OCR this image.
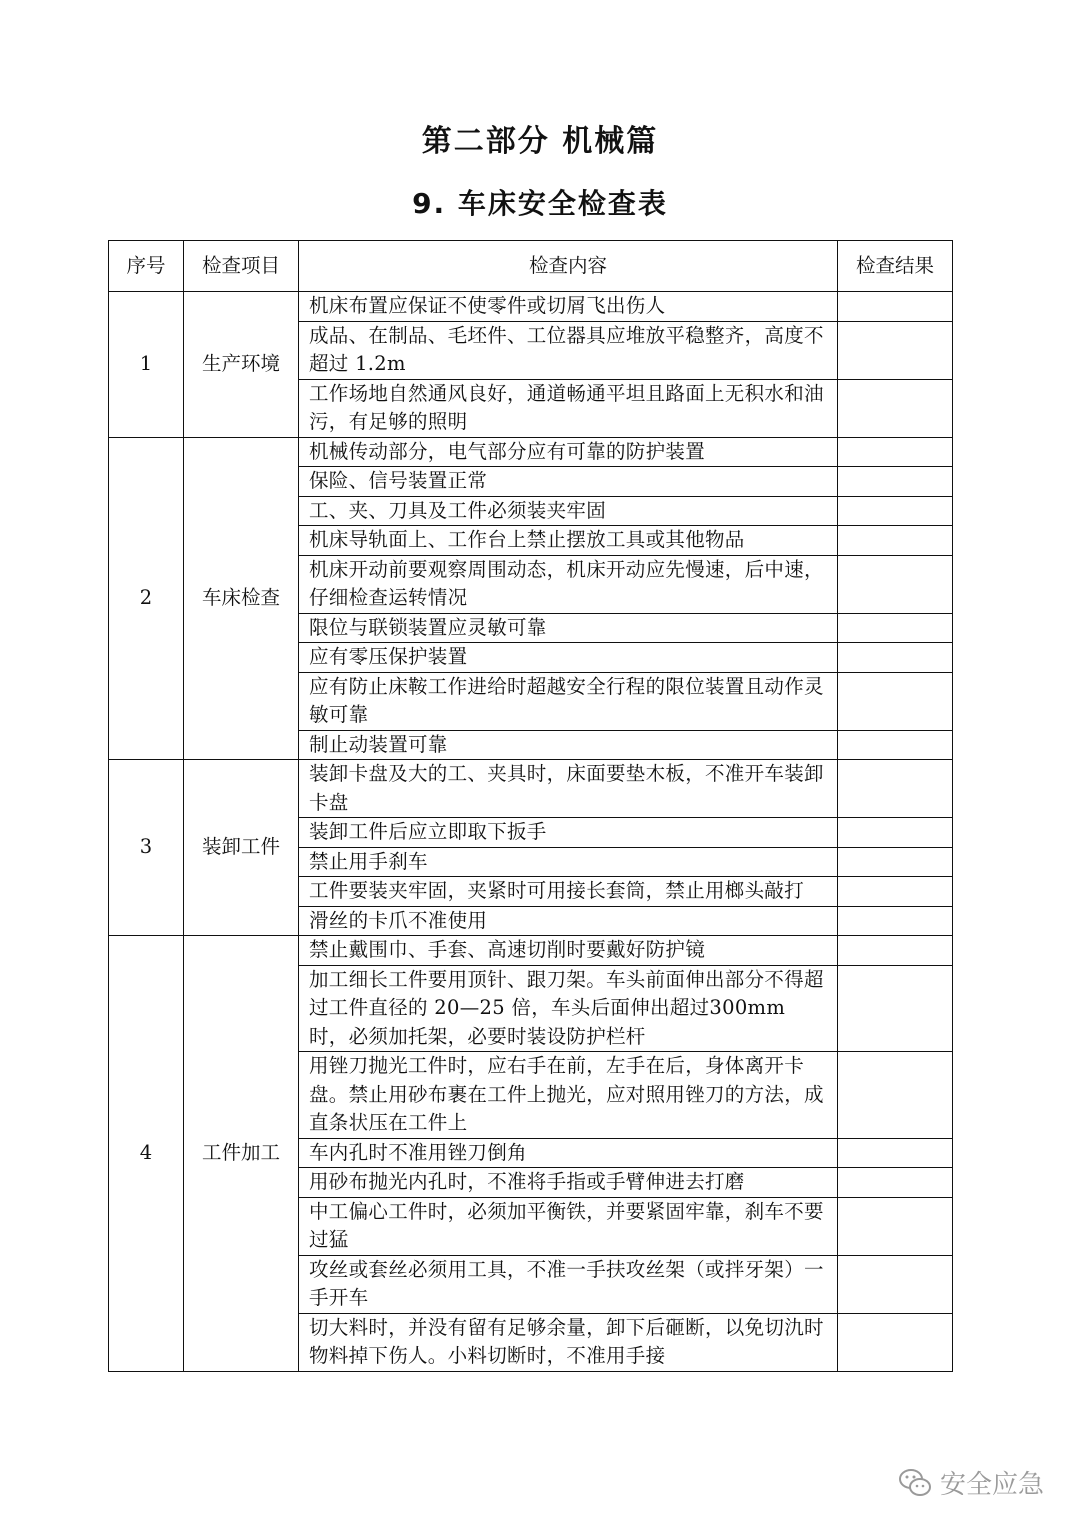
第二部分 机械篇
9. 车床安全检查表
序号	检查项目	检查内容	检查结果
1	生产环境	机床布置应保证不使零件或切屑飞出伤人	
		成品、在制品、毛坯件、工位器具应堆放平稳整齐，高度不超过 1.2m	
		工作场地自然通风良好，通道畅通平坦且路面上无积水和油污，有足够的照明	
2	车床检查	机械传动部分，电气部分应有可靠的防护装置	
		保险、信号装置正常	
		工、夹、刀具及工件必须装夹牢固	
		机床导轨面上、工作台上禁止摆放工具或其他物品	
		机床开动前要观察周围动态，机床开动应先慢速，后中速，仔细检查运转情况	
		限位与联锁装置应灵敏可靠	
		应有零压保护装置	
		应有防止床鞍工作进给时超越安全行程的限位装置且动作灵敏可靠	
		制止动装置可靠	
3	装卸工件	装卸卡盘及大的工、夹具时，床面要垫木板，不准开车装卸卡盘	
		装卸工件后应立即取下扳手	
		禁止用手刹车	
		工件要装夹牢固，夹紧时可用接长套筒，禁止用榔头敲打	
		滑丝的卡爪不准使用	
4	工件加工	禁止戴围巾、手套、高速切削时要戴好防护镜	
		加工细长工件要用顶针、跟刀架。车头前面伸出部分不得超过工件直径的 20—25 倍，车头后面伸出超过300mm 时，必须加托架，必要时装设防护栏杆	
		用锉刀抛光工件时，应右手在前，左手在后，身体离开卡盘。禁止用砂布裹在工件上抛光，应对照用锉刀的方法，成直条状压在工件上	
		车内孔时不准用锉刀倒角	
		用砂布抛光内孔时，不准将手指或手臂伸进去打磨	
		中工偏心工件时，必须加平衡铁，并要紧固牢靠，刹车不要过猛	
		攻丝或套丝必须用工具，不准一手扶攻丝架（或拌牙架）一手开车	
		切大料时，并没有留有足够余量，卸下后砸断，以免切氿时物料掉下伤人。小料切断时，不准用手接	
安全应急
